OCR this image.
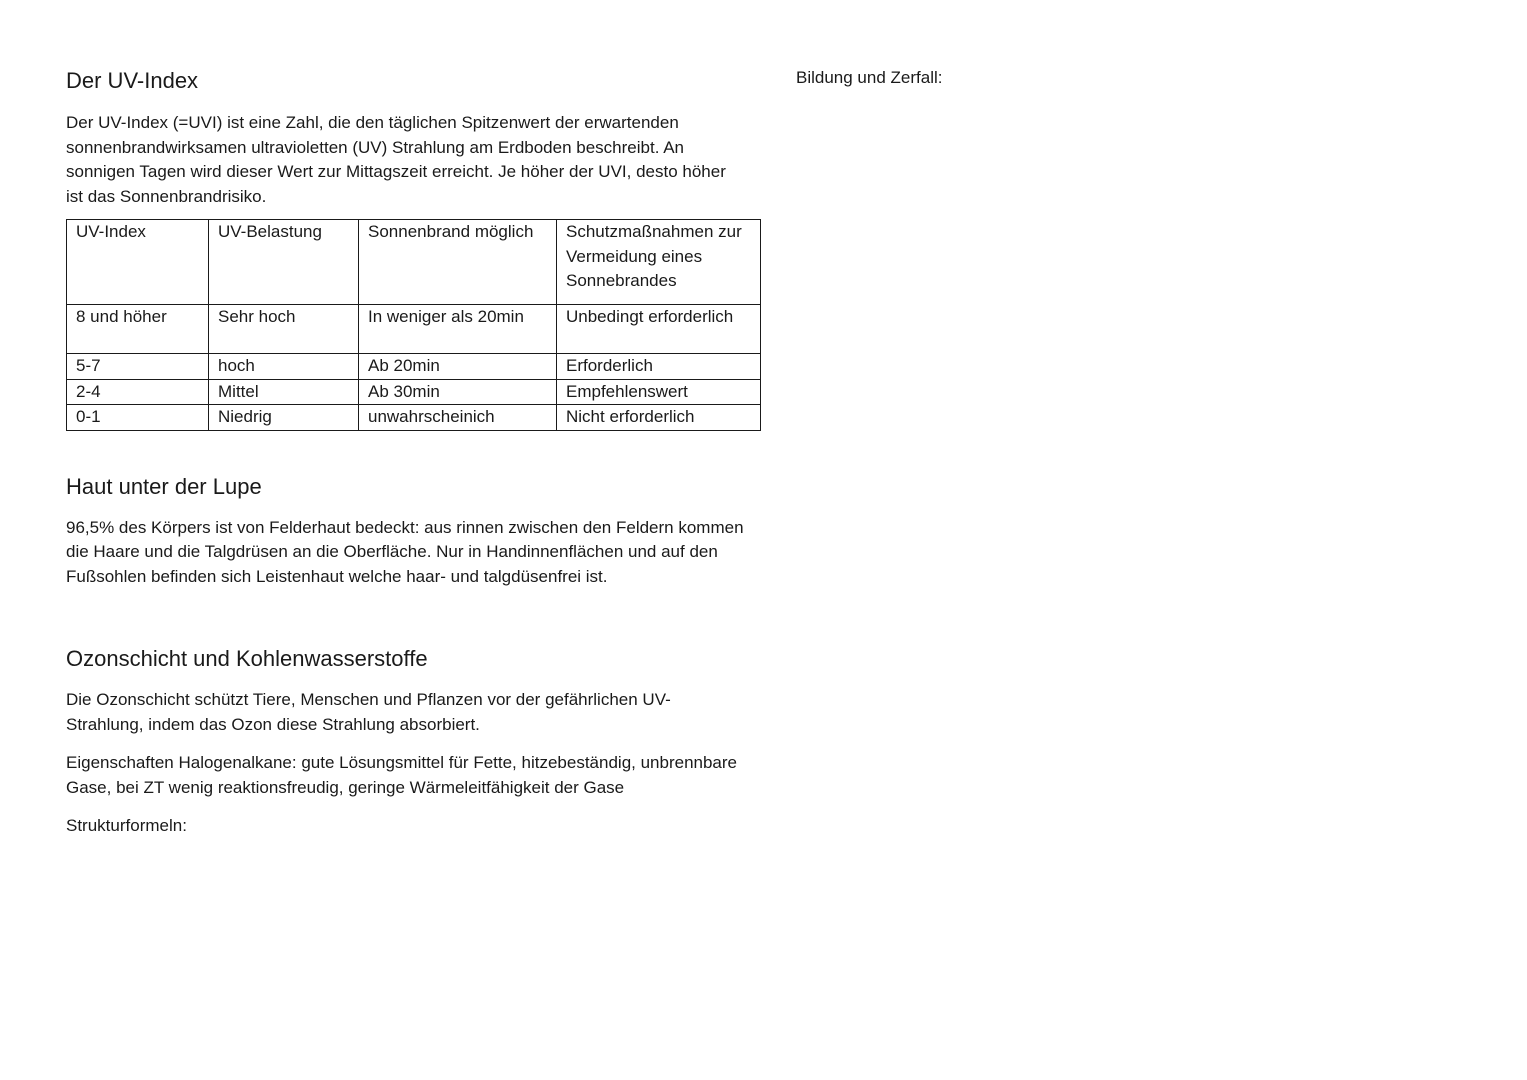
Der UV-Index

Der UV-Index (=UVI) ist eine Zahl, die den täglichen Spitzenwert der erwartenden sonnenbrandwirksamen ultravioletten (UV) Strahlung am Erdboden beschreibt. An sonnigen Tagen wird dieser Wert zur Mittagszeit erreicht. Je höher der UVI, desto höher ist das Sonnenbrandrisiko.

UV-Index	UV-Belastung	Sonnenbrand möglich	Schutzmaßnahmen zur Vermeidung eines Sonnebrandes
8 und höher	Sehr hoch	In weniger als 20min	Unbedingt erforderlich
5-7	hoch	Ab 20min	Erforderlich
2-4	Mittel	Ab 30min	Empfehlenswert
0-1	Niedrig	unwahrscheinich	Nicht erforderlich
Haut unter der Lupe

96,5% des Körpers ist von Felderhaut bedeckt: aus rinnen zwischen den Feldern kommen die Haare und die Talgdrüsen an die Oberfläche. Nur in Handinnenflächen und auf den Fußsohlen befinden sich Leistenhaut welche haar- und talgdüsenfrei ist.

Ozonschicht und Kohlenwasserstoffe

Die Ozonschicht schützt Tiere, Menschen und Pflanzen vor der gefährlichen UV-Strahlung, indem das Ozon diese Strahlung absorbiert.

Eigenschaften Halogenalkane: gute Lösungsmittel für Fette, hitzebeständig, unbrennbare Gase, bei ZT wenig reaktionsfreudig, geringe Wärmeleitfähigkeit der Gase

Strukturformeln:

Bildung und Zerfall:
